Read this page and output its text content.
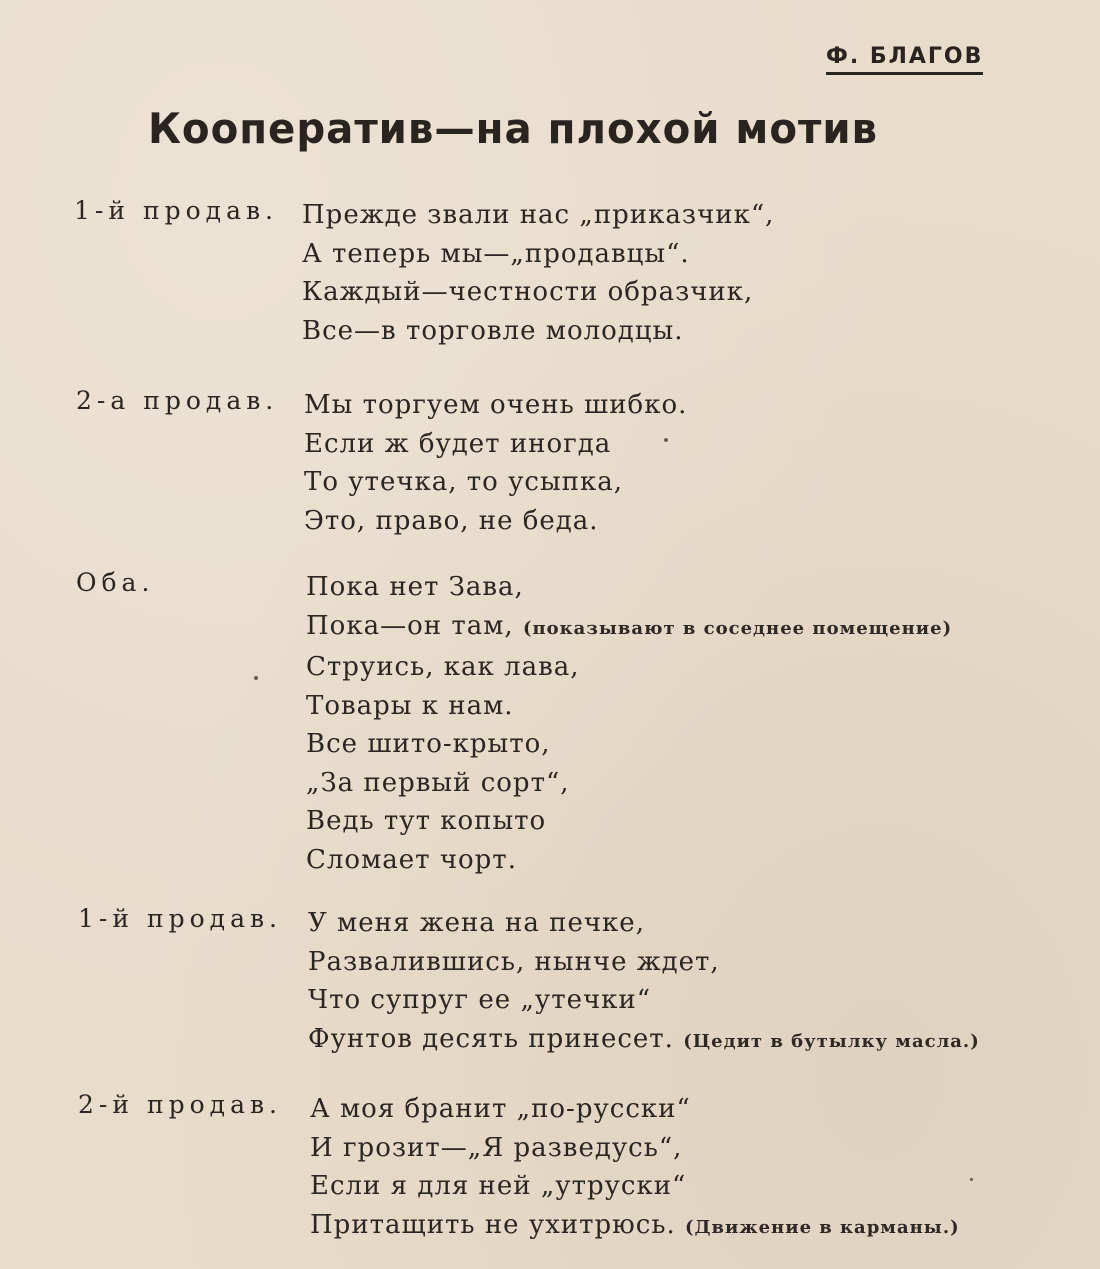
Ф. БЛАГОВ
Кооператив—на плохой мотив
1-й продав. Прежде звали нас „приказчик“,
А теперь мы—„продавцы“.
Каждый—честности образчик,
Все—в торговле молодцы.
2-а продав. Мы торгуем очень шибко.
Если ж будет иногда
То утечка, то усыпка,
Это, право, не беда.
Оба.	Пока нет Зава,
Пока—он там, (показывают в соседнее помещение)
Струись, как лава,
Товары к нам.
Все шито-крыто,
„За первый сорт“,
Ведь тут копыто
Сломает чорт.
1-й продав. У меня жена на печке,
Развалившись, нынче ждет,
Что супруг ее „утечки“
Фунтов десять принесет. (Цедит в бутылку масла.)
2-й продав. А моя бранит „по-русски“
И грозит—„Я разведусь“,
Если я для ней „утруски“
Притащить не ухитрюсь. (Движение в карманы.)
